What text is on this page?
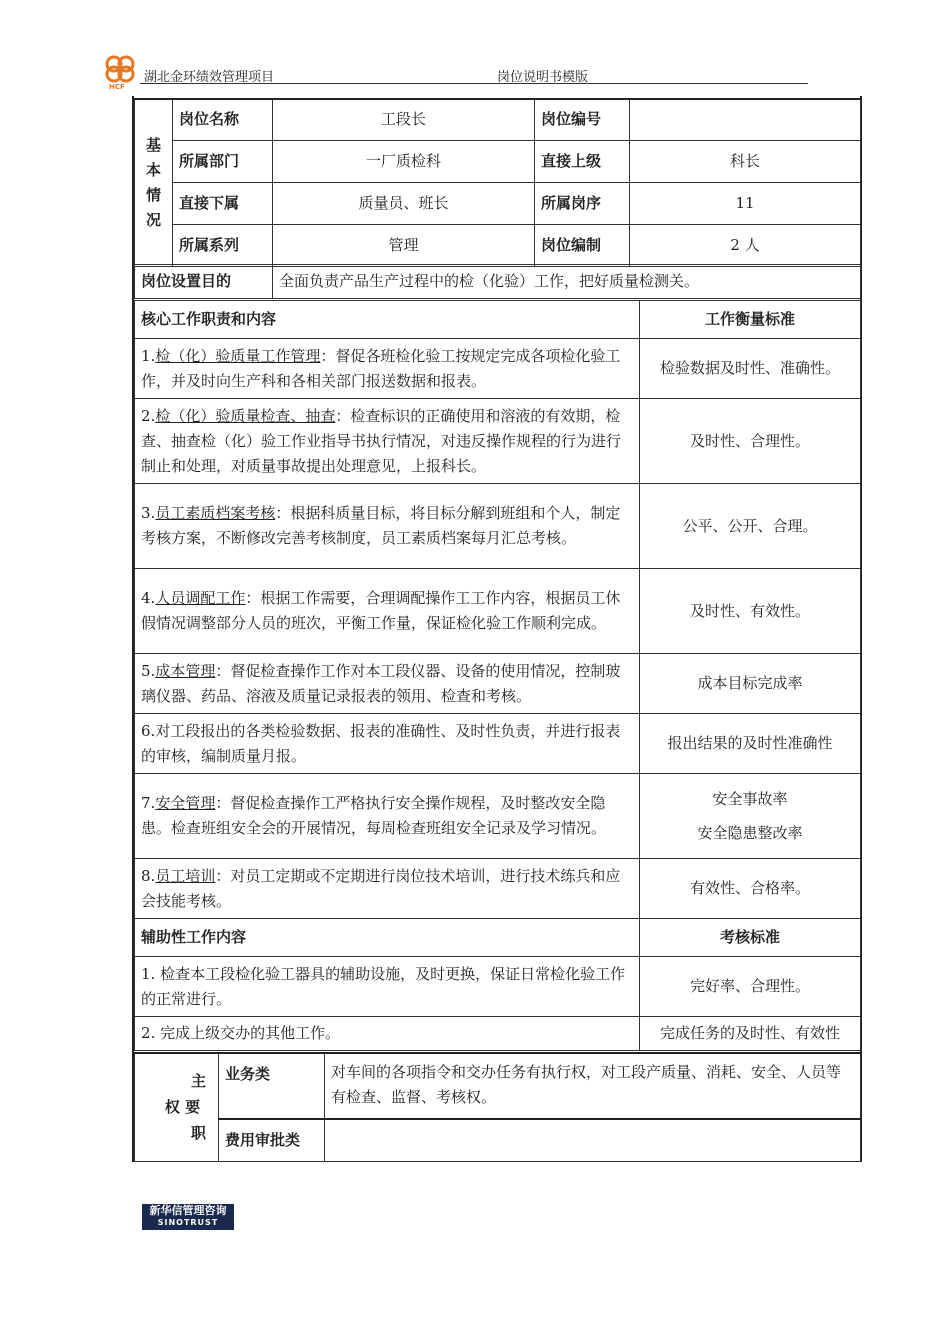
HCF
湖北金环绩效管理项目	岗位说明书模版
基
本
情
况	岗位名称	工段长	岗位编号	
	所属部门	一厂质检科	直接上级	科长
	直接下属	质量员、班长	所属岗序	11
	所属系列	管理	岗位编制	2 人
岗位设置目的	全面负责产品生产过程中的检（化验）工作，把好质量检测关。
核心工作职责和内容	工作衡量标准
1.检（化）验质量工作管理：督促各班检化验工按规定完成各项检化验工作，并及时向生产科和各相关部门报送数据和报表。	检验数据及时性、准确性。
2.检（化）验质量检查、抽查：检查标识的正确使用和溶液的有效期，检查、抽查检（化）验工作业指导书执行情况，对违反操作规程的行为进行制止和处理，对质量事故提出处理意见，上报科长。	及时性、合理性。
3.员工素质档案考核：根据科质量目标，将目标分解到班组和个人，制定考核方案，不断修改完善考核制度，员工素质档案每月汇总考核。	公平、公开、合理。
4.人员调配工作：根据工作需要，合理调配操作工工作内容，根据员工休假情况调整部分人员的班次，平衡工作量，保证检化验工作顺利完成。	及时性、有效性。
5.成本管理：督促检查操作工作对本工段仪器、设备的使用情况，控制玻璃仪器、药品、溶液及质量记录报表的领用、检查和考核。	成本目标完成率
6.对工段报出的各类检验数据、报表的准确性、及时性负责，并进行报表的审核，编制质量月报。	报出结果的及时性准确性
7.安全管理：督促检查操作工严格执行安全操作规程，及时整改安全隐患。检查班组安全会的开展情况，每周检查班组安全记录及学习情况。	安全事故率
安全隐患整改率

8.员工培训：对员工定期或不定期进行岗位技术培训，进行技术练兵和应会技能考核。	有效性、合格率。
辅助性工作内容	考核标准
1. 检查本工段检化验工器具的辅助设施，及时更换，保证日常检化验工作的正常进行。	完好率、合理性。
2. 完成上级交办的其他工作。	完成任务的及时性、有效性
主
权 要
职	业务类	对车间的各项指令和交办任务有执行权，对工段产质量、消耗、安全、人员等有检查、监督、考核权。
	费用审批类	
新华信管理咨询
SINOTRUST
